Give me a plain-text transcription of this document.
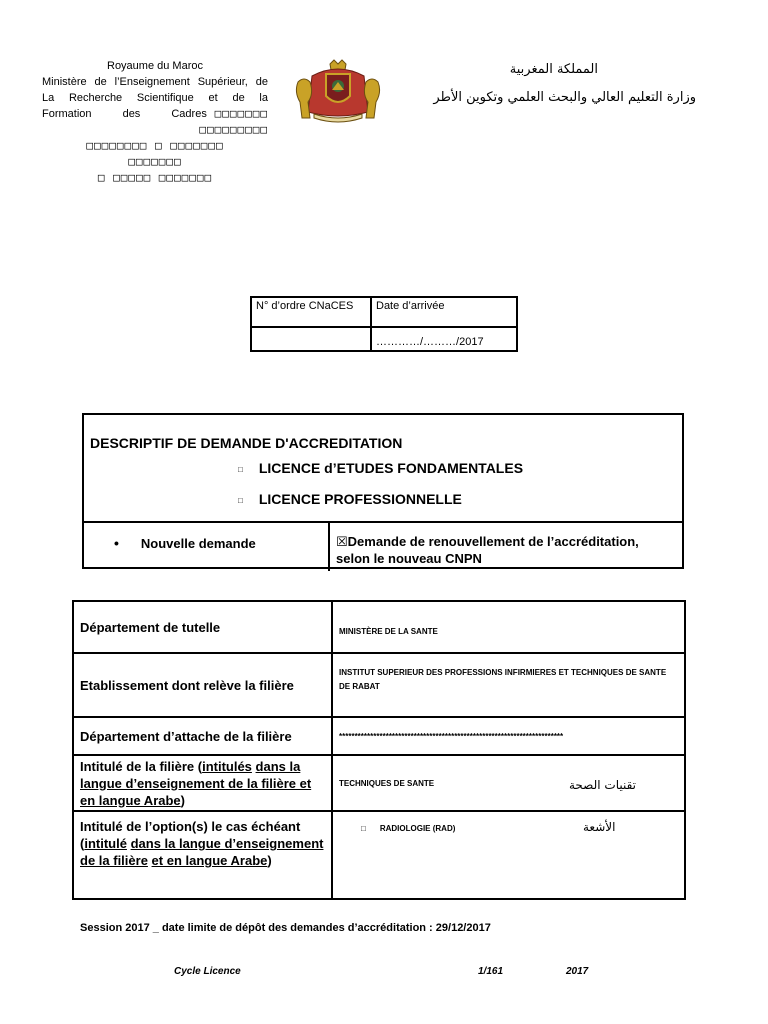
Royaume du Maroc
Ministère de l’Enseignement Supérieur, de
La Recherche Scientifique et de la
Formation des Cadres □□□□□□□
□□□□□□□□□
□□□□□□□□ □ □□□□□□□
□□□□□□□
□ □□□□□ □□□□□□□
المملكة المغربية
وزارة التعليم العالي والبحث العلمي وتكوين الأطر
N° d’ordre CNaCES	Date d’arrivée
	…………/………/2017
DESCRIPTIF DE DEMANDE D'ACCREDITATION
□ LICENCE d’ETUDES FONDAMENTALES
□ LICENCE PROFESSIONNELLE
• Nouvelle demande	☒Demande de renouvellement de l’accréditation, selon le nouveau CNPN
Département de tutelle	MINISTÈRE DE LA SANTE
Etablissement dont relève la filière	INSTITUT SUPERIEUR DES PROFESSIONS INFIRMIERES ET TECHNIQUES DE SANTE DE RABAT
Département d’attache de la filière	************************************************************************
Intitulé de la filière (intitulés dans la langue d’enseignement de la filière et en langue Arabe)	TECHNIQUES DE SANTE تقنيات الصحة

Intitulé de l’option(s) le cas échéant (intitulé dans la langue d’enseignement de la filière et en langue Arabe)	□ RADIOLOGIE (RAD) الأشعة
Session 2017 _ date limite de dépôt des demandes d’accréditation : 29/12/2017
Cycle Licence	1/161	2017
